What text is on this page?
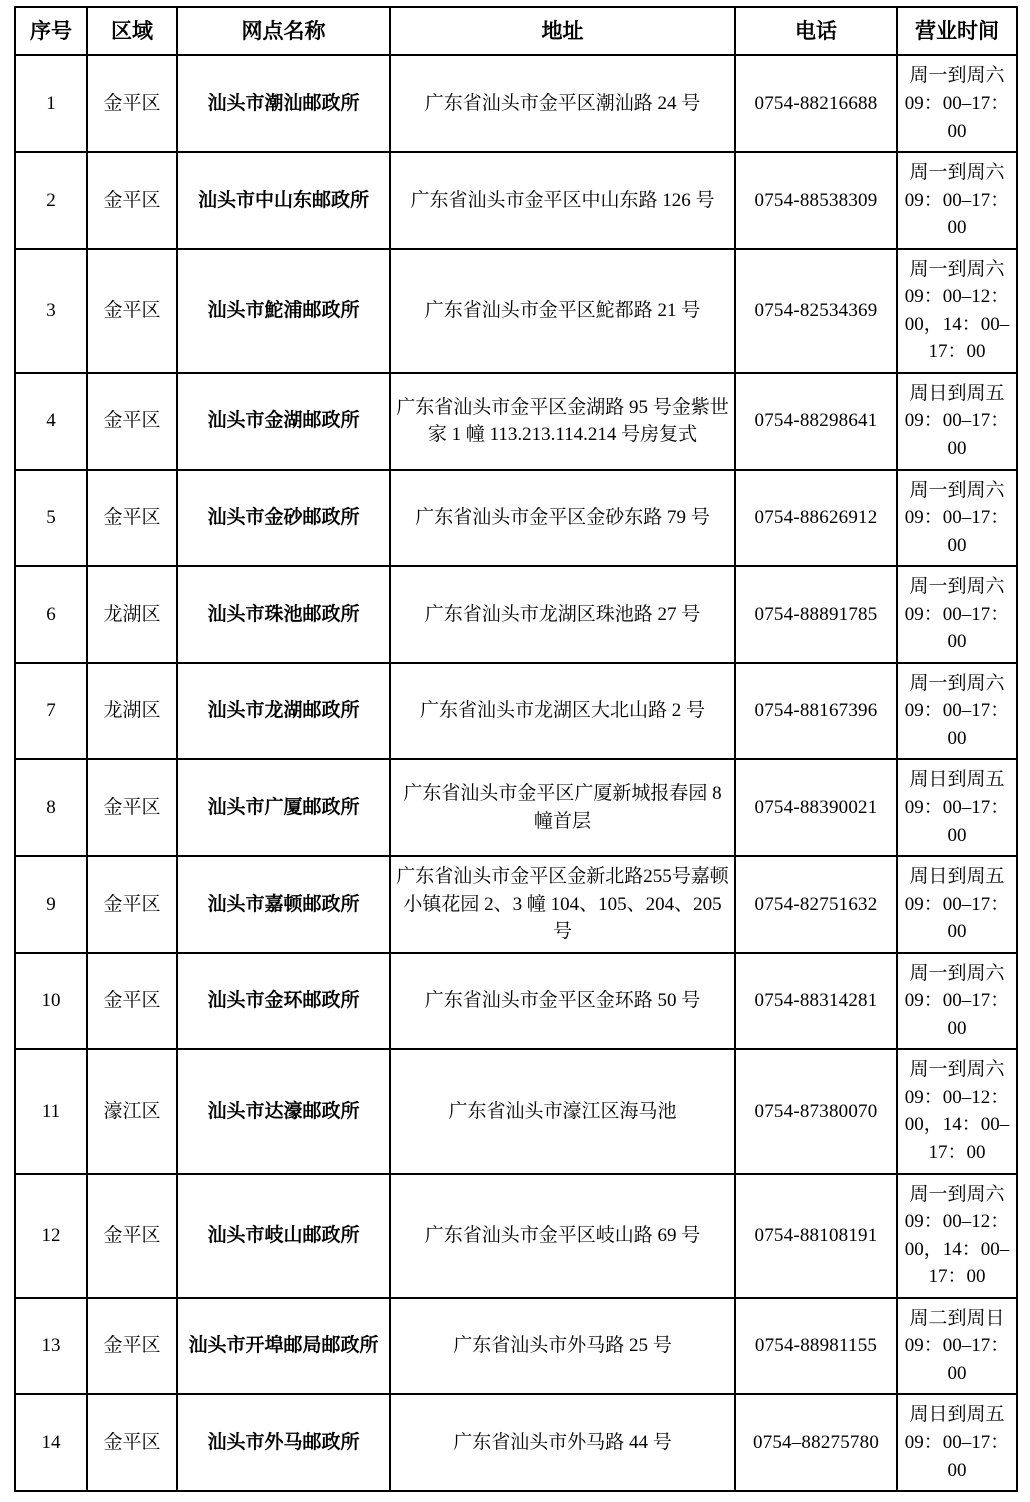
序号	区域	网点名称	地址	电话	营业时间
1	金平区	汕头市潮汕邮政所	广东省汕头市金平区潮汕路 24 号	0754-88216688	周一到周六 09：00–17：00
2	金平区	汕头市中山东邮政所	广东省汕头市金平区中山东路 126 号	0754-88538309	周一到周六 09：00–17：00
3	金平区	汕头市鮀浦邮政所	广东省汕头市金平区鮀都路 21 号	0754-82534369	周一到周六 09：00–12：00，14：00–17：00
4	金平区	汕头市金湖邮政所	广东省汕头市金平区金湖路 95 号金紫世家 1 幢 113.213.114.214 号房复式	0754-88298641	周日到周五 09：00–17：00
5	金平区	汕头市金砂邮政所	广东省汕头市金平区金砂东路 79 号	0754-88626912	周一到周六 09：00–17：00
6	龙湖区	汕头市珠池邮政所	广东省汕头市龙湖区珠池路 27 号	0754-88891785	周一到周六 09：00–17：00
7	龙湖区	汕头市龙湖邮政所	广东省汕头市龙湖区大北山路 2 号	0754-88167396	周一到周六 09：00–17：00
8	金平区	汕头市广厦邮政所	广东省汕头市金平区广厦新城报春园 8 幢首层	0754-88390021	周日到周五 09：00–17：00
9	金平区	汕头市嘉顿邮政所	广东省汕头市金平区金新北路255号嘉顿小镇花园 2、3 幢 104、105、204、205 号	0754-82751632	周日到周五 09：00–17：00
10	金平区	汕头市金环邮政所	广东省汕头市金平区金环路 50 号	0754-88314281	周一到周六 09：00–17：00
11	濠江区	汕头市达濠邮政所	广东省汕头市濠江区海马池	0754-87380070	周一到周六 09：00–12：00，14：00–17：00
12	金平区	汕头市岐山邮政所	广东省汕头市金平区岐山路 69 号	0754-88108191	周一到周六 09：00–12：00，14：00–17：00
13	金平区	汕头市开埠邮局邮政所	广东省汕头市外马路 25 号	0754-88981155	周二到周日 09：00–17：00
14	金平区	汕头市外马邮政所	广东省汕头市外马路 44 号	0754–88275780	周日到周五 09：00–17：00
